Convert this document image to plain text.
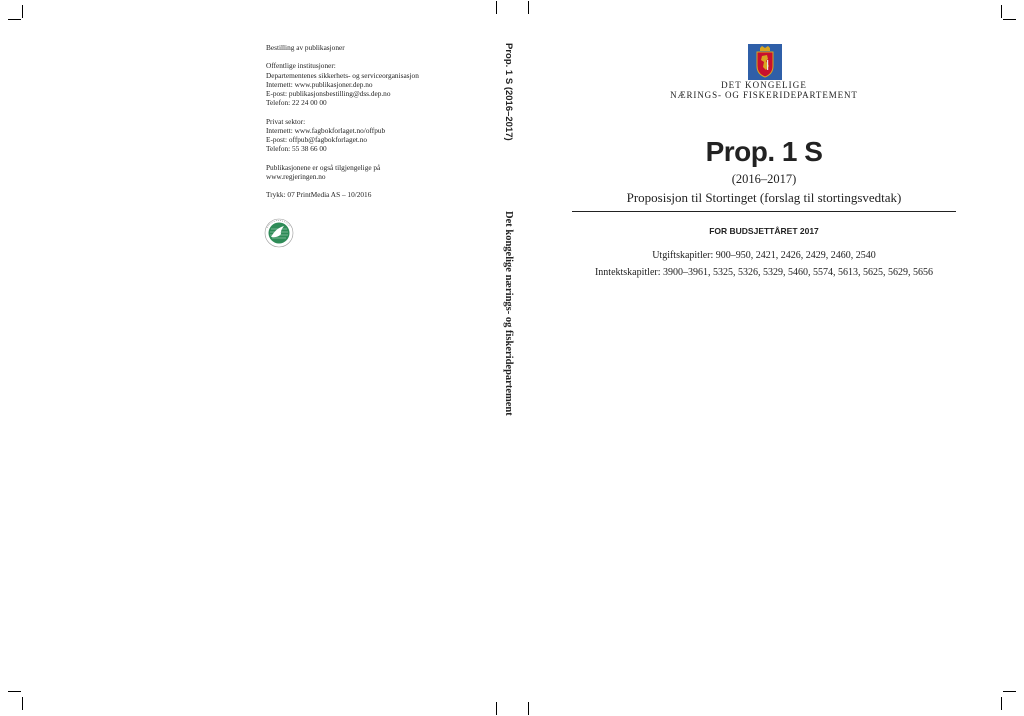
Bestilling av publikasjoner

Offentlige institusjoner:

Departementenes sikkerhets- og serviceorganisasjon

Internett: www.publikasjoner.dep.no

E-post: publikasjonsbestilling@dss.dep.no

Telefon: 22 24 00 00

Privat sektor:

Internett: www.fagbokforlaget.no/offpub

E-post: offpub@fagbokforlaget.no

Telefon: 55 38 66 00

Publikasjonene er også tilgjengelige på

www.regjeringen.no

Trykk: 07 PrintMedia AS – 10/2016

Prop. 1 S (2016–2017)
Det kongelige nærings- og fiskeridepartement
DET KONGELIGE
NÆRINGS- OG FISKERIDEPARTEMENT
Prop. 1 S
(2016–2017)
Proposisjon til Stortinget (forslag til stortingsvedtak)
FOR BUDSJETTÅRET 2017
Utgiftskapitler: 900–950, 2421, 2426, 2429, 2460, 2540
Inntektskapitler: 3900–3961, 5325, 5326, 5329, 5460, 5574, 5613, 5625, 5629, 5656
